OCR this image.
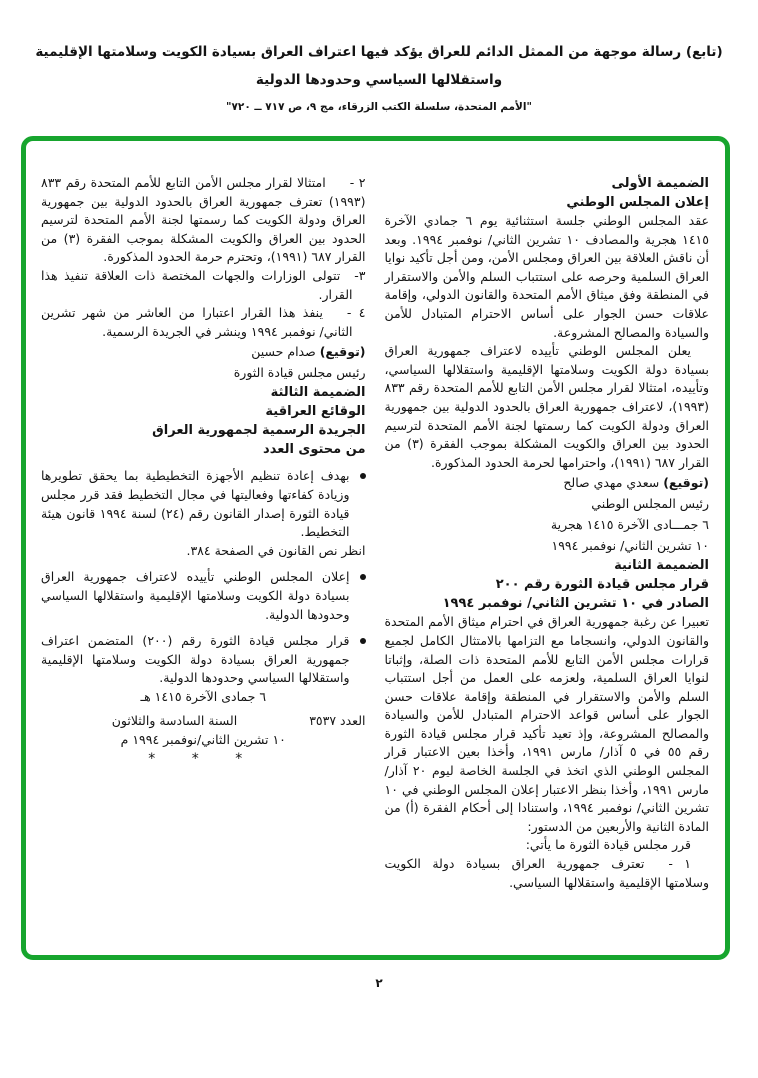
(تابع) رسالة موجهة من الممثل الدائم للعراق يؤكد فيها اعتراف العراق بسيادة الكويت وسلامتها الإقليمية
واستقلالها السياسي وحدودها الدولية
"الأمم المتحدة، سلسلة الكتب الزرقاء، مج ٩، ص ٧١٧ ــ ٧٢٠"

الضميمة الأولى

إعلان المجلس الوطني

عقد المجلس الوطني جلسة استثنائية يوم ٦ جمادي الآخرة ١٤١٥ هجرية والمصادف ١٠ تشرين الثاني/ نوفمبر ١٩٩٤. وبعد أن ناقش العلاقة بين العراق ومجلس الأمن، ومن أجل تأكيد نوايا العراق السلمية وحرصه على استتباب السلم والأمن والاستقرار في المنطقة وفق ميثاق الأمم المتحدة والقانون الدولي، وإقامة علاقات حسن الجوار على أساس الاحترام المتبادل للأمن والسيادة والمصالح المشروعة.

يعلن المجلس الوطني تأييده لاعتراف جمهورية العراق بسيادة دولة الكويت وسلامتها الإقليمية واستقلالها السياسي، وتأييده، امتثالا لقرار مجلس الأمن التابع للأمم المتحدة رقم ٨٣٣ (١٩٩٣)، لاعتراف جمهورية العراق بالحدود الدولية بين جمهورية العراق ودولة الكويت كما رسمتها لجنة الأمم المتحدة لترسيم الحدود بين العراق والكويت المشكلة بموجب الفقرة (٣) من القرار ٦٨٧ (١٩٩١)، واحترامها لحرمة الحدود المذكورة.

(توقيع) سعدي مهدي صالح

رئيس المجلس الوطني

٦ جمـــادى الآخرة ١٤١٥ هجرية

١٠ تشرين الثاني/ نوفمبر ١٩٩٤

الضميمة الثانية

قرار مجلس قيادة الثورة رقم ٢٠٠

الصادر في ١٠ تشرين الثاني/ نوفمبر ١٩٩٤

تعبيرا عن رغبة جمهورية العراق في احترام ميثاق الأمم المتحدة والقانون الدولي، وانسجاما مع التزامها بالامتثال الكامل لجميع قرارات مجلس الأمن التابع للأمم المتحدة ذات الصلة، وإثباتا لنوايا العراق السلمية، ولعزمه على العمل من أجل استتباب السلم والأمن والاستقرار في المنطقة وإقامة علاقات حسن الجوار على أساس قواعد الاحترام المتبادل للأمن والسيادة والمصالح المشروعة، وإذ تعيد تأكيد قرار مجلس قيادة الثورة رقم ٥٥ في ٥ آذار/ مارس ١٩٩١، وأخذا بعين الاعتبار قرار المجلس الوطني الذي اتخذ في الجلسة الخاصة ليوم ٢٠ آذار/ مارس ١٩٩١، وأخذا بنظر الاعتبار إعلان المجلس الوطني في ١٠ تشرين الثاني/ نوفمبر ١٩٩٤، واستنادا إلى أحكام الفقرة (أ) من المادة الثانية والأربعين من الدستور:

قرر مجلس قيادة الثورة ما يأتي:

١ -تعترف جمهورية العراق بسيادة دولة الكويت وسلامتها الإقليمية واستقلالها السياسي.

٢ -امتثالا لقرار مجلس الأمن التابع للأمم المتحدة رقم ٨٣٣ (١٩٩٣) تعترف جمهورية العراق بالحدود الدولية بين جمهورية العراق ودولة الكويت كما رسمتها لجنة الأمم المتحدة لترسيم الحدود بين العراق والكويت المشكلة بموجب الفقرة (٣) من القرار ٦٨٧ (١٩٩١)، وتحترم حرمة الحدود المذكورة.

٣-تتولى الوزارات والجهات المختصة ذات العلاقة تنفيذ هذا القرار.

٤ -ينفذ هذا القرار اعتبارا من العاشر من شهر تشرين الثاني/ نوفمبر ١٩٩٤ وينشر في الجريدة الرسمية.

(توقيع) صدام حسين

رئيس مجلس قيادة الثورة

الضميمة الثالثة

الوقائع العراقية

الجريدة الرسمية لجمهورية العراق

من محتوى العدد

بهدف إعادة تنظيم الأجهزة التخطيطية بما يحقق تطويرها وزيادة كفاءتها وفعاليتها في مجال التخطيط فقد قرر مجلس قيادة الثورة إصدار القانون رقم (٢٤) لسنة ١٩٩٤ قانون هيئة التخطيط.

انظر نص القانون في الصفحة ٣٨٤.

إعلان المجلس الوطني تأييده لاعتراف جمهورية العراق بسيادة دولة الكويت وسلامتها الإقليمية واستقلالها السياسي وحدودها الدولية.

قرار مجلس قيادة الثورة رقم (٢٠٠) المتضمن اعتراف جمهورية العراق بسيادة دولة الكويت وسلامتها الإقليمية واستقلالها السياسي وحدودها الدولية.

٦ جمادى الآخرة ١٤١٥ هـ

العدد ٣٥٣٧
السنة السادسة والثلاثون

١٠ تشرين الثاني/نوفمبر ١٩٩٤ م

* * *

٢
